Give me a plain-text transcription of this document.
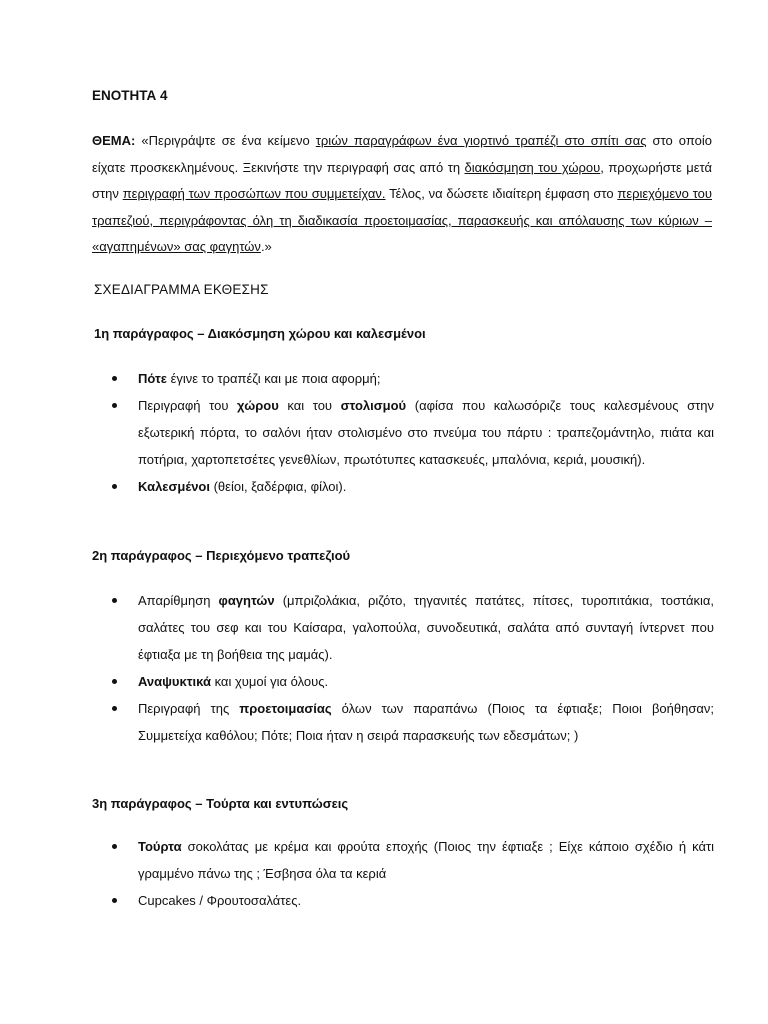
ΕΝΟΤΗΤΑ 4
ΘΕΜΑ: «Περιγράψτε σε ένα κείμενο τριών παραγράφων ένα γιορτινό τραπέζι στο σπίτι σας στο οποίο είχατε προσκεκλημένους. Ξεκινήστε την περιγραφή σας από τη διακόσμηση του χώρου, προχωρήστε μετά στην περιγραφή των προσώπων που συμμετείχαν. Τέλος, να δώσετε ιδιαίτερη έμφαση στο περιεχόμενο του τραπεζιού, περιγράφοντας όλη τη διαδικασία προετοιμασίας, παρασκευής και απόλαυσης των κύριων – «αγαπημένων» σας φαγητών.»
ΣΧΕΔΙΑΓΡΑΜΜΑ ΕΚΘΕΣΗΣ
1η παράγραφος – Διακόσμηση χώρου και καλεσμένοι
Πότε έγινε το τραπέζι και με ποια αφορμή;
Περιγραφή του χώρου και του στολισμού (αφίσα που καλωσόριζε τους καλεσμένους στην εξωτερική πόρτα, το σαλόνι ήταν στολισμένο στο πνεύμα του πάρτυ : τραπεζομάντηλο, πιάτα και ποτήρια, χαρτοπετσέτες γενεθλίων, πρωτότυπες κατασκευές, μπαλόνια, κεριά, μουσική).
Καλεσμένοι (θείοι, ξαδέρφια, φίλοι).
2η παράγραφος – Περιεχόμενο τραπεζιού
Απαρίθμηση φαγητών (μπριζολάκια, ριζότο, τηγανιτές πατάτες, πίτσες, τυροπιτάκια, τοστάκια, σαλάτες του σεφ και του Καίσαρα, γαλοπούλα, συνοδευτικά, σαλάτα από συνταγή ίντερνετ που έφτιαξα με τη βοήθεια της μαμάς).
Αναψυκτικά και χυμοί για όλους.
Περιγραφή της προετοιμασίας όλων των παραπάνω (Ποιος τα έφτιαξε; Ποιοι βοήθησαν; Συμμετείχα καθόλου; Πότε; Ποια ήταν η σειρά παρασκευής των εδεσμάτων; )
3η παράγραφος – Τούρτα και εντυπώσεις
Τούρτα σοκολάτας με κρέμα και φρούτα εποχής (Ποιος την έφτιαξε ; Είχε κάποιο σχέδιο ή κάτι γραμμένο πάνω της ; Έσβησα όλα τα κεριά
Cupcakes / Φρουτοσαλάτες.
